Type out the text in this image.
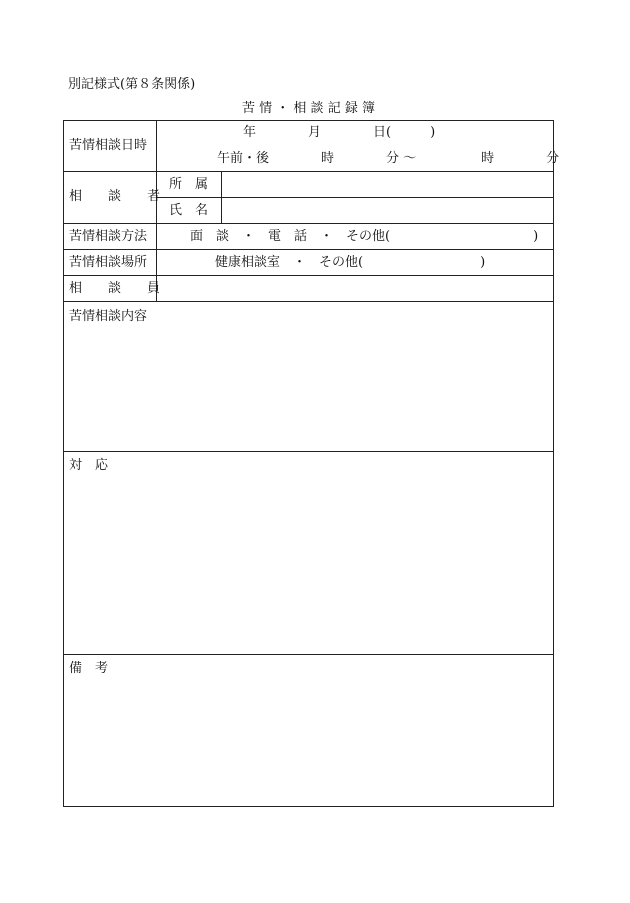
別記様式(第８条関係)
苦 情 ・ 相 談 記 録 簿
苦情相談日時
年　　　　月　　　　日(　　　)
午前・後　　　　時　　　　分 ～　　　　　時　　　　分
相　　談　　者
所　属
氏　名
苦情相談方法	面　談　・　電　話　・　その他(　　　　　　　　　　　)
苦情相談場所	健康相談室　・　その他(　　　　　　　　　)
相　　談　　員
苦情相談内容
対　応
備　考
